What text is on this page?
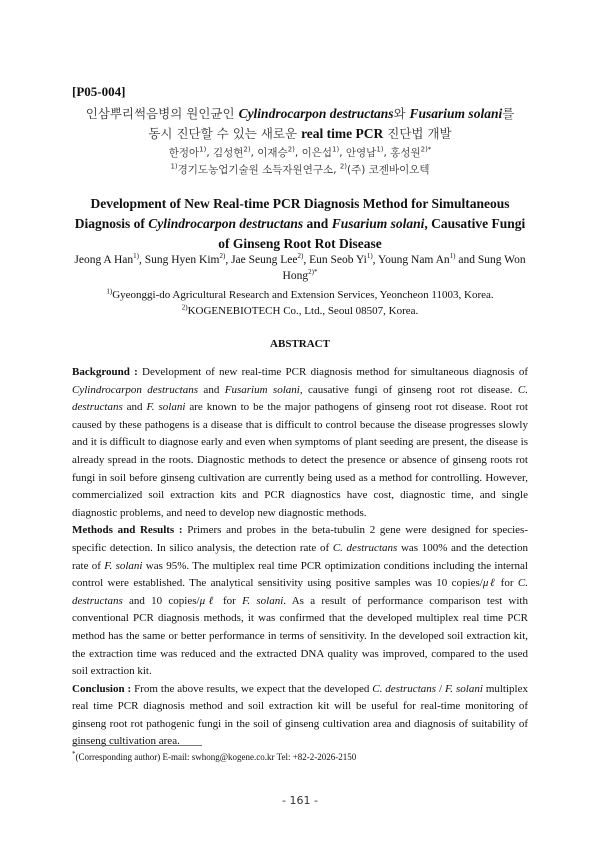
[P05-004]
인삼뿌리썩음병의 원인균인 Cylindrocarpon destructans와 Fusarium solani를
동시 진단할 수 있는 새로운 real time PCR 진단법 개발
한정아$^{1)}$, 김성현$^{2)}$, 이재승$^{2)}$, 이은섭$^{1)}$, 안영남$^{1)}$, 홍성원$^{2)*}$
$^{1)}$경기도농업기술원 소득자원연구소, $^{2)}$(주) 코젠바이오텍
Development of New Real-time PCR Diagnosis Method for Simultaneous
Diagnosis of Cylindrocarpon destructans and Fusarium solani, Causative Fungi
of Ginseng Root Rot Disease
Jeong A Han$^{1)}$, Sung Hyen Kim$^{2)}$, Jae Seung Lee$^{2)}$, Eun Seob Yi$^{1)}$, Young Nam An$^{1)}$ and Sung Won Hong$^{2)*}$
$^{1)}$Gyeonggi-do Agricultural Research and Extension Services, Yeoncheon 11003, Korea.
$^{2)}$KOGENEBIOTECH Co., Ltd., Seoul 08507, Korea.
ABSTRACT

Background : Development of new real-time PCR diagnosis method for simultaneous diagnosis of Cylindrocarpon destructans and Fusarium solani, causative fungi of ginseng root rot disease. C. destructans and F. solani are known to be the major pathogens of ginseng root rot disease. Root rot caused by these pathogens is a disease that is difficult to control because the disease progresses slowly and it is difficult to diagnose early and even when symptoms of plant seeding are present, the disease is already spread in the roots. Diagnostic methods to detect the presence or absence of ginseng roots rot fungi in soil before ginseng cultivation are currently being used as a method for controlling. However, commercialized soil extraction kits and PCR diagnostics have cost, diagnostic time, and single diagnostic problems, and need to develop new diagnostic methods.

Methods and Results : Primers and probes in the beta-tubulin 2 gene were designed for species-specific detection. In silico analysis, the detection rate of C. destructans was 100% and the detection rate of F. solani was 95%. The multiplex real time PCR optimization conditions including the internal control were established. The analytical sensitivity using positive samples was 10 copies/μℓ for C. destructans and 10 copies/μℓ for F. solani. As a result of performance comparison test with conventional PCR diagnosis methods, it was confirmed that the developed multiplex real time PCR method has the same or better performance in terms of sensitivity. In the developed soil extraction kit, the extraction time was reduced and the extracted DNA quality was improved, compared to the used soil extraction kit.

Conclusion : From the above results, we expect that the developed C. destructans / F. solani multiplex real time PCR diagnosis method and soil extraction kit will be useful for real-time monitoring of ginseng root rot pathogenic fungi in the soil of ginseng cultivation area and diagnosis of suitability of ginseng cultivation area.

*(Corresponding author) E-mail: swhong@kogene.co.kr Tel: +82-2-2026-2150
- 161 -
